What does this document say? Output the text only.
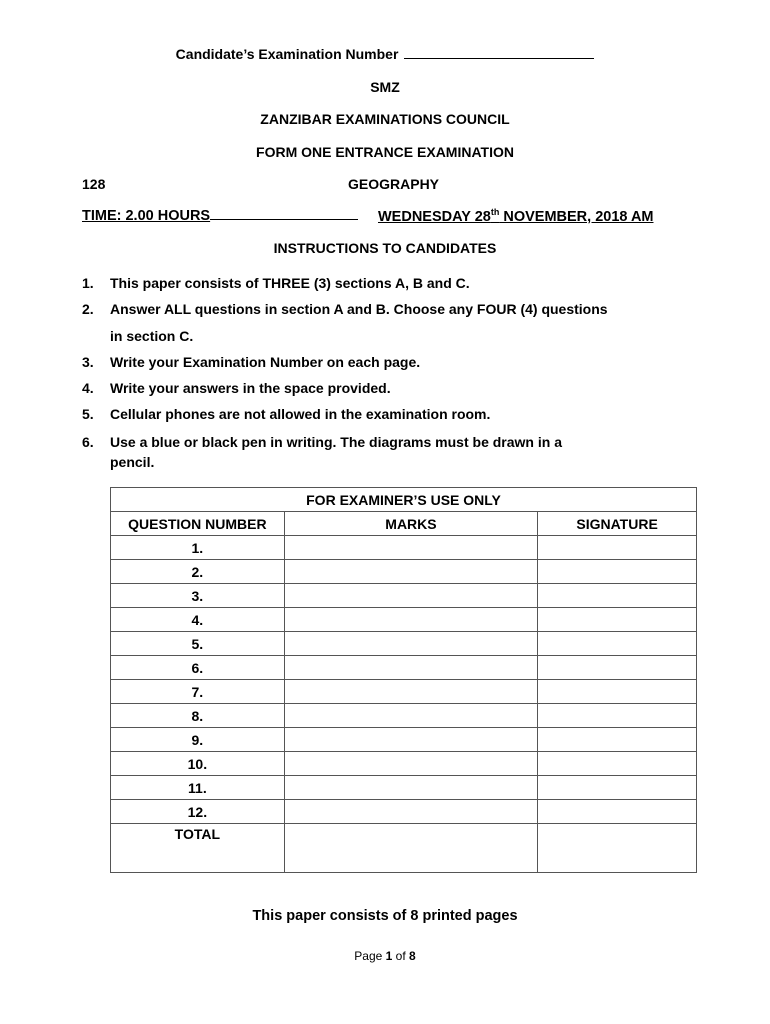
Candidate’s Examination Number
SMZ
ZANZIBAR EXAMINATIONS COUNCIL
FORM ONE ENTRANCE EXAMINATION
128	GEOGRAPHY
TIME: 2.00 HOURS	WEDNESDAY 28th NOVEMBER, 2018 AM
INSTRUCTIONS TO CANDIDATES
1. This paper consists of THREE (3) sections A, B and C.
2. Answer ALL questions in section A and B. Choose any FOUR (4) questions
in section C.
3. Write your Examination Number on each page.
4. Write your answers in the space provided.
5. Cellular phones are not allowed in the examination room.
6. Use a blue or black pen in writing. The diagrams must be drawn in a
pencil.
FOR EXAMINER’S USE ONLY		
QUESTION NUMBER	MARKS	SIGNATURE
1.		
2.		
3.		
4.		
5.		
6.		
7.		
8.		
9.		
10.		
11.		
12.		
TOTAL		
This paper consists of 8 printed pages
Page 1 of 8
